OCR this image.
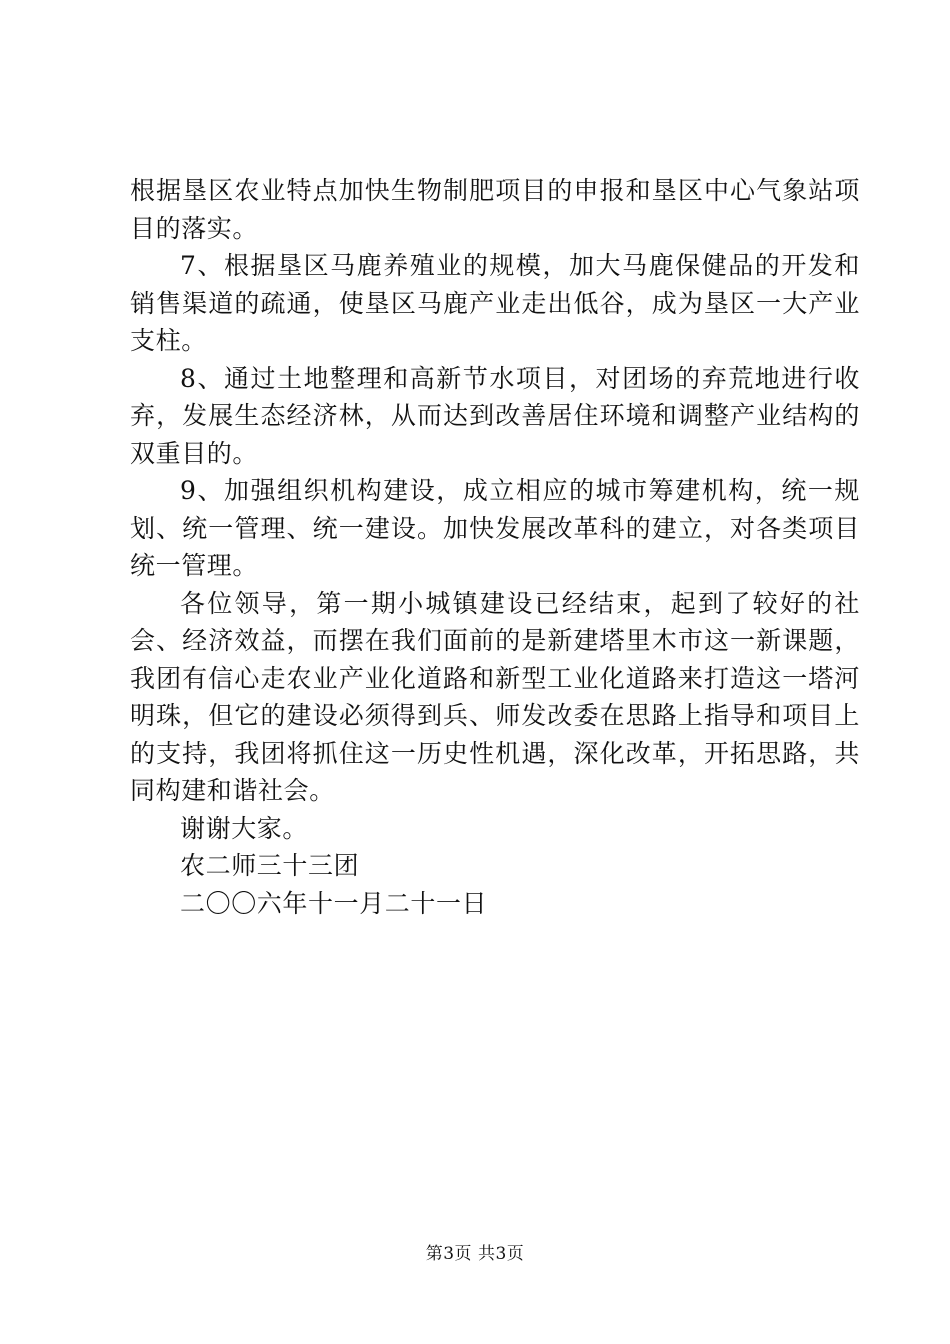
根据垦区农业特点加快生物制肥项目的申报和垦区中心气象站项目的落实。

7、根据垦区马鹿养殖业的规模，加大马鹿保健品的开发和销售渠道的疏通，使垦区马鹿产业走出低谷，成为垦区一大产业支柱。

8、通过土地整理和高新节水项目，对团场的弃荒地进行收弃，发展生态经济林，从而达到改善居住环境和调整产业结构的双重目的。

9、加强组织机构建设，成立相应的城市筹建机构，统一规划、统一管理、统一建设。加快发展改革科的建立，对各类项目统一管理。

各位领导，第一期小城镇建设已经结束，起到了较好的社会、经济效益，而摆在我们面前的是新建塔里木市这一新课题，我团有信心走农业产业化道路和新型工业化道路来打造这一塔河明珠，但它的建设必须得到兵、师发改委在思路上指导和项目上的支持，我团将抓住这一历史性机遇，深化改革，开拓思路，共同构建和谐社会。

谢谢大家。

农二师三十三团

二〇〇六年十一月二十一日

第3页 共3页
